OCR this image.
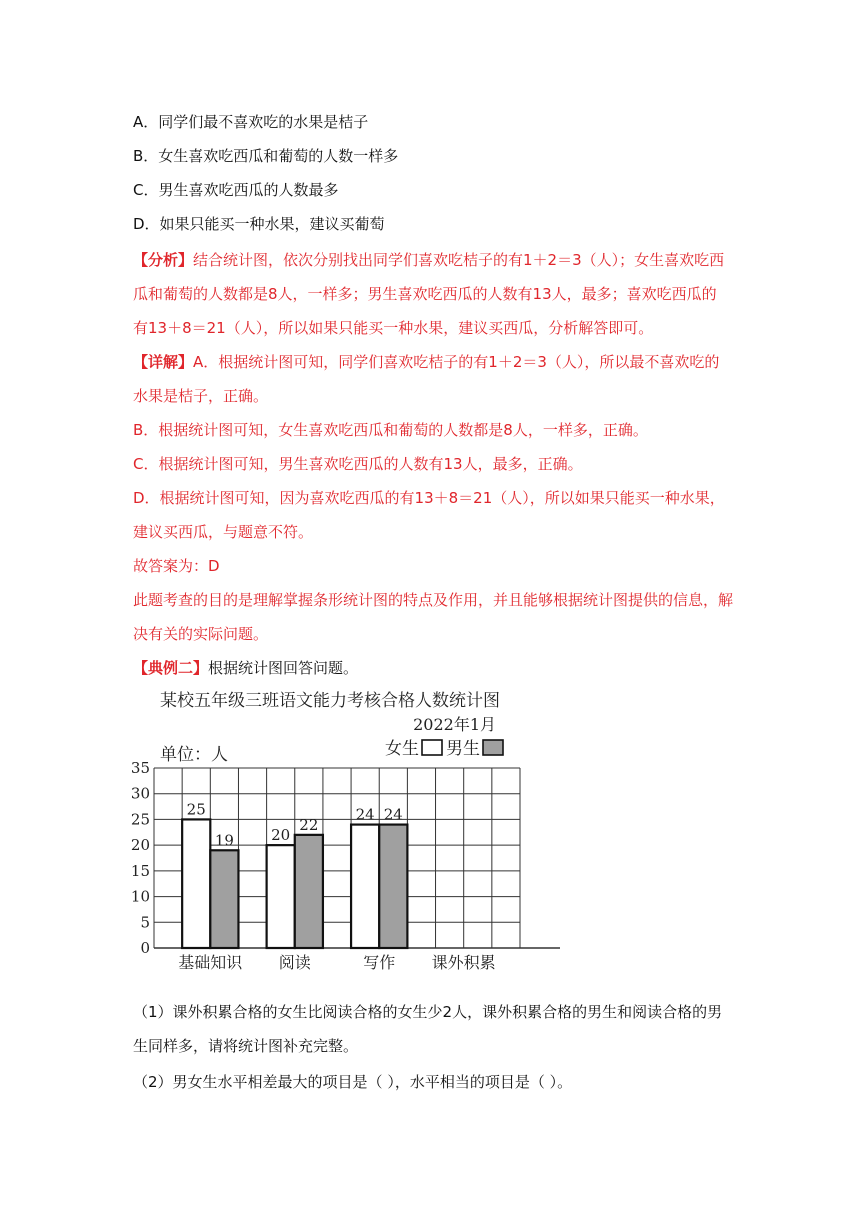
A．同学们最不喜欢吃的水果是桔子
B．女生喜欢吃西瓜和葡萄的人数一样多
C．男生喜欢吃西瓜的人数最多
D．如果只能买一种水果，建议买葡萄
【分析】结合统计图，依次分别找出同学们喜欢吃桔子的有1＋2＝3（人）；女生喜欢吃西
瓜和葡萄的人数都是8人，一样多；男生喜欢吃西瓜的人数有13人，最多；喜欢吃西瓜的
有13＋8＝21（人），所以如果只能买一种水果，建议买西瓜，分析解答即可。
【详解】A．根据统计图可知，同学们喜欢吃桔子的有1＋2＝3（人），所以最不喜欢吃的
水果是桔子，正确。
B．根据统计图可知，女生喜欢吃西瓜和葡萄的人数都是8人，一样多，正确。
C．根据统计图可知，男生喜欢吃西瓜的人数有13人，最多，正确。
D．根据统计图可知，因为喜欢吃西瓜的有13＋8＝21（人），所以如果只能买一种水果，
建议买西瓜，与题意不符。
故答案为：D
此题考查的目的是理解掌握条形统计图的特点及作用，并且能够根据统计图提供的信息，解
决有关的实际问题。
【典例二】根据统计图回答问题。
某校五年级三班语文能力考核合格人数统计图
2022年1月
单位：人	女生 男生
0
5
10
15
20
25
30
35
基础知识 阅读	写作 课外积累
25
19 20
22
24 24
（1）课外积累合格的女生比阅读合格的女生少2人，课外积累合格的男生和阅读合格的男
生同样多，请将统计图补充完整。
（2）男女生水平相差最大的项目是（ ），水平相当的项目是（ ）。
